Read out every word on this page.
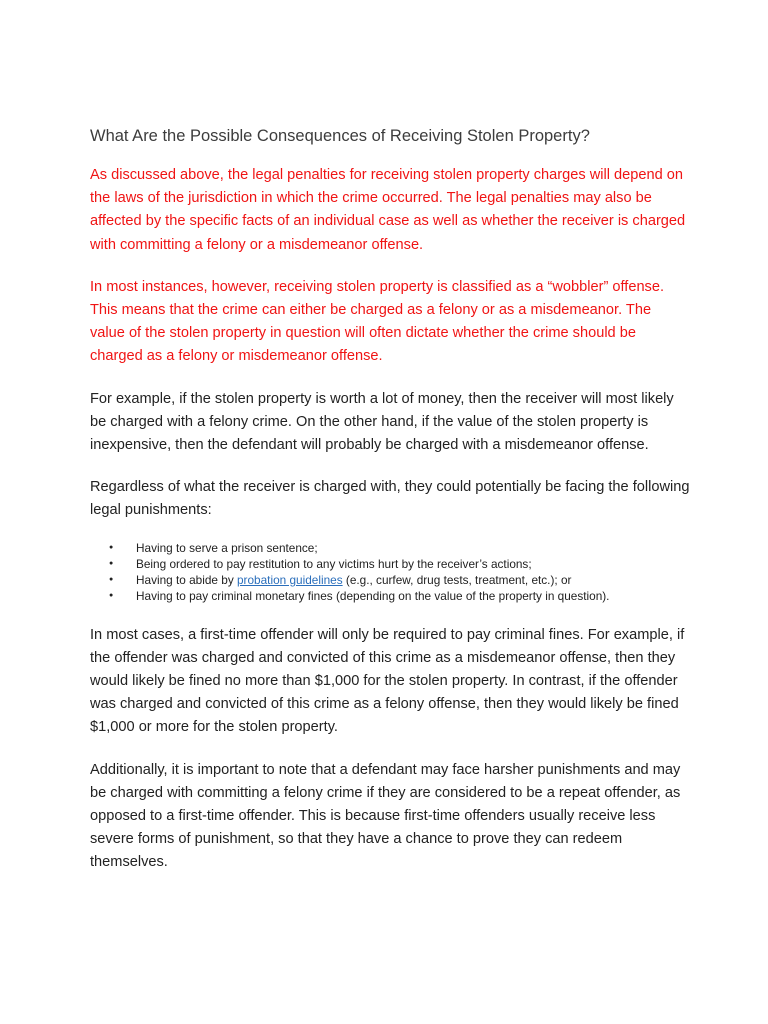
What Are the Possible Consequences of Receiving Stolen Property?

As discussed above, the legal penalties for receiving stolen property charges will depend on the laws of the jurisdiction in which the crime occurred. The legal penalties may also be affected by the specific facts of an individual case as well as whether the receiver is charged with committing a felony or a misdemeanor offense.

In most instances, however, receiving stolen property is classified as a “wobbler” offense. This means that the crime can either be charged as a felony or as a misdemeanor. The value of the stolen property in question will often dictate whether the crime should be charged as a felony or misdemeanor offense.

For example, if the stolen property is worth a lot of money, then the receiver will most likely be charged with a felony crime. On the other hand, if the value of the stolen property is inexpensive, then the defendant will probably be charged with a misdemeanor offense.

Regardless of what the receiver is charged with, they could potentially be facing the following legal punishments:

● Having to serve a prison sentence;
● Being ordered to pay restitution to any victims hurt by the receiver’s actions;
● Having to abide by probation guidelines (e.g., curfew, drug tests, treatment, etc.); or
● Having to pay criminal monetary fines (depending on the value of the property in question).

In most cases, a first-time offender will only be required to pay criminal fines. For example, if the offender was charged and convicted of this crime as a misdemeanor offense, then they would likely be fined no more than $1,000 for the stolen property. In contrast, if the offender was charged and convicted of this crime as a felony offense, then they would likely be fined $1,000 or more for the stolen property.

Additionally, it is important to note that a defendant may face harsher punishments and may be charged with committing a felony crime if they are considered to be a repeat offender, as opposed to a first-time offender. This is because first-time offenders usually receive less severe forms of punishment, so that they have a chance to prove they can redeem themselves.
